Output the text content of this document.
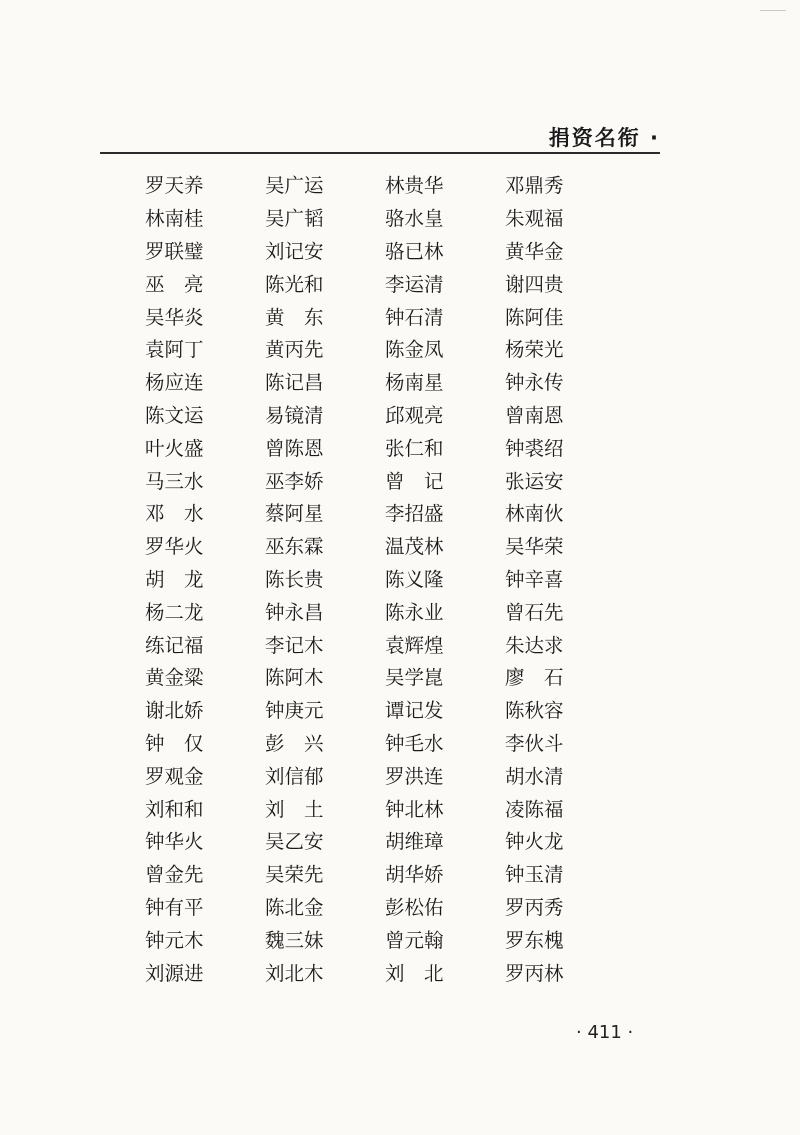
捐资名衔 ·
罗天养	吴广运	林贵华	邓鼎秀
林南桂	吴广韬	骆水皇	朱观福
罗联璧	刘记安	骆已林	黄华金
巫　亮	陈光和	李运清	谢四贵
吴华炎	黄　东	钟石清	陈阿佳
袁阿丁	黄丙先	陈金凤	杨荣光
杨应连	陈记昌	杨南星	钟永传
陈文运	易镜清	邱观亮	曾南恩
叶火盛	曾陈恩	张仁和	钟裘绍
马三水	巫李娇	曾　记	张运安
邓　水	蔡阿星	李招盛	林南伙
罗华火	巫东霖	温茂林	吴华荣
胡　龙	陈长贵	陈义隆	钟辛喜
杨二龙	钟永昌	陈永业	曾石先
练记福	李记木	袁辉煌	朱达求
黄金粱	陈阿木	吴学崑	廖　石
谢北娇	钟庚元	谭记发	陈秋容
钟　仅	彭　兴	钟毛水	李伙斗
罗观金	刘信郁	罗洪连	胡水清
刘和和	刘　土	钟北林	凌陈福
钟华火	吴乙安	胡维璋	钟火龙
曾金先	吴荣先	胡华娇	钟玉清
钟有平	陈北金	彭松佑	罗丙秀
钟元木	魏三妹	曾元翰	罗东槐
刘源进	刘北木	刘　北	罗丙林
· 411 ·
